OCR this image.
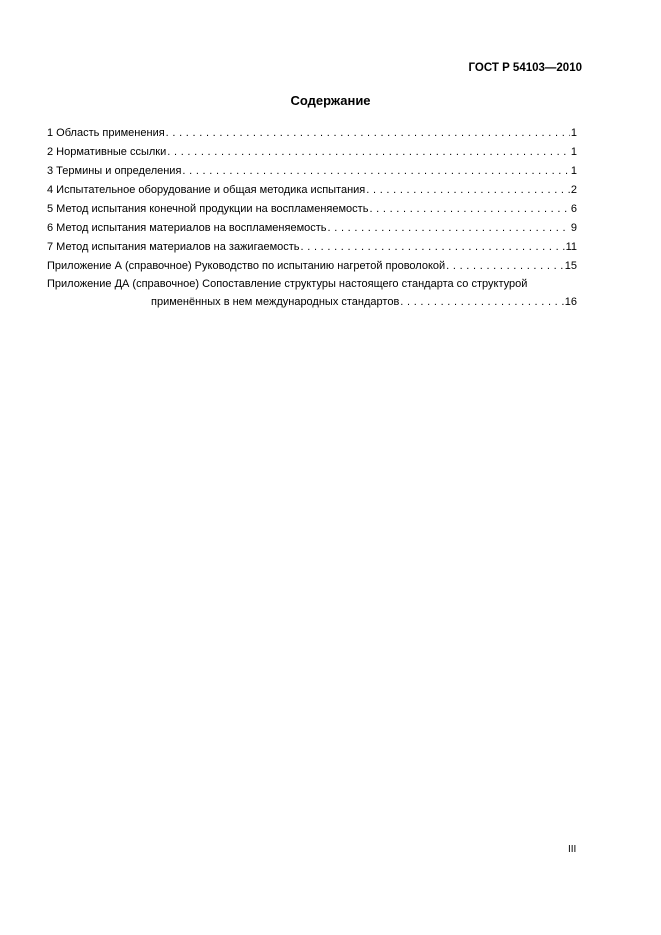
ГОСТ Р 54103—2010
Содержание
1 Область применения . . .	1
2 Нормативные ссылки . . .	1
3 Термины и определения . . .	1
4 Испытательное оборудование и общая методика испытания . . .	2
5 Метод испытания конечной продукции на воспламеняемость . . .	6
6 Метод испытания материалов на воспламеняемость . . .	9
7 Метод испытания материалов на зажигаемость . . .	11
Приложение А (справочное) Руководство по испытанию нагретой проволокой . . .	15
Приложение ДА (справочное) Сопоставление структуры настоящего стандарта со структурой
применённых в нем международных стандартов . . .	16
III
